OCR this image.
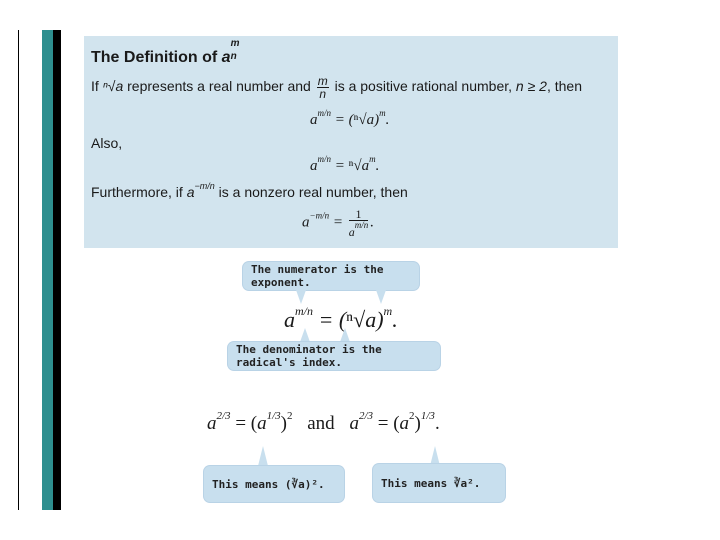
The Definition of a
m
n
If ⁿ√a represents a real number and $\frac{m}{n}$ is a positive rational number, n ≥ 2, then
$a^{m/n} = (^n√a)^m$.
Also,
$a^{m/n} = ^n√a^m$.
Furthermore, if $a^{-m/n}$ is a nonzero real number, then
$a^{-m/n} = \frac{1}{a^{m/n}}$ .
The numerator is the exponent.
$a^{m/n} = (^n√a)^m$.
The denominator is the radical's index.
$a^{2/3} = (a^{1/3})^2$ and $a^{2/3} = (a^2)^{1/3}$.
This means (∛a)².	This means ∛a².
